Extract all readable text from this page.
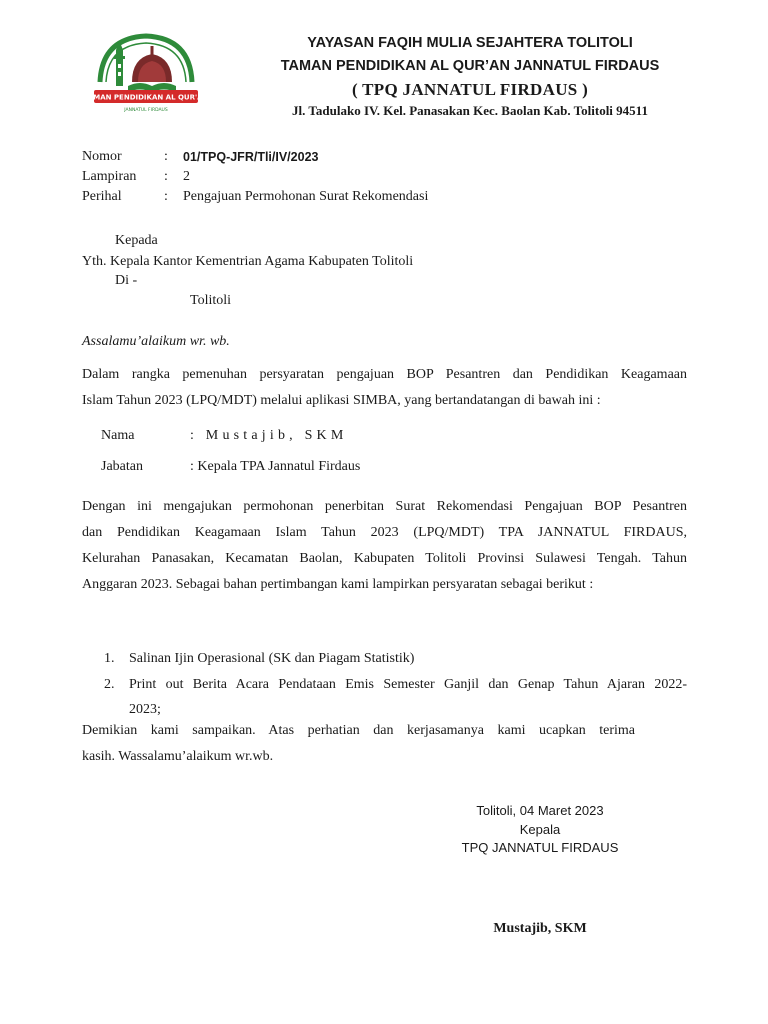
TAMAN PENDIDIKAN AL QUR'AN
JANNATUL FIRDAUS
YAYASAN FAQIH MULIA SEJAHTERA TOLITOLI
TAMAN PENDIDIKAN AL QUR’AN JANNATUL FIRDAUS
( TPQ JANNATUL FIRDAUS )
Jl. Tadulako IV. Kel. Panasakan Kec. Baolan Kab. Tolitoli 94511
Nomor	: 01/TPQ-JFR/Tli/IV/2023
Lampiran : 2
Perihal	: Pengajuan Permohonan Surat Rekomendasi
Kepada
Yth. Kepala Kantor Kementrian Agama Kabupaten Tolitoli
Di -
Tolitoli
Assalamu’alaikum wr. wb.
Dalam rangka pemenuhan persyaratan pengajuan BOP Pesantren dan Pendidikan Keagamaan
Islam Tahun 2023 (LPQ/MDT) melalui aplikasi SIMBA, yang bertandatangan di bawah ini :
Nama	: Mustajib, SKM
Jabatan	: Kepala TPA Jannatul Firdaus
Dengan ini mengajukan permohonan penerbitan Surat Rekomendasi Pengajuan BOP Pesantren
dan Pendidikan Keagamaan Islam Tahun 2023 (LPQ/MDT) TPA JANNATUL FIRDAUS,
Kelurahan Panasakan, Kecamatan Baolan, Kabupaten Tolitoli Provinsi Sulawesi Tengah. Tahun
Anggaran 2023. Sebagai bahan pertimbangan kami lampirkan persyaratan sebagai berikut :
1. Salinan Ijin Operasional (SK dan Piagam Statistik)
2. Print out Berita Acara Pendataan Emis Semester Ganjil dan Genap Tahun Ajaran 2022-
2023;
Demikian kami sampaikan. Atas perhatian dan kerjasamanya kami ucapkan terima
kasih. Wassalamu’alaikum wr.wb.
Tolitoli, 04 Maret 2023
Kepala
TPQ JANNATUL FIRDAUS
Mustajib, SKM
